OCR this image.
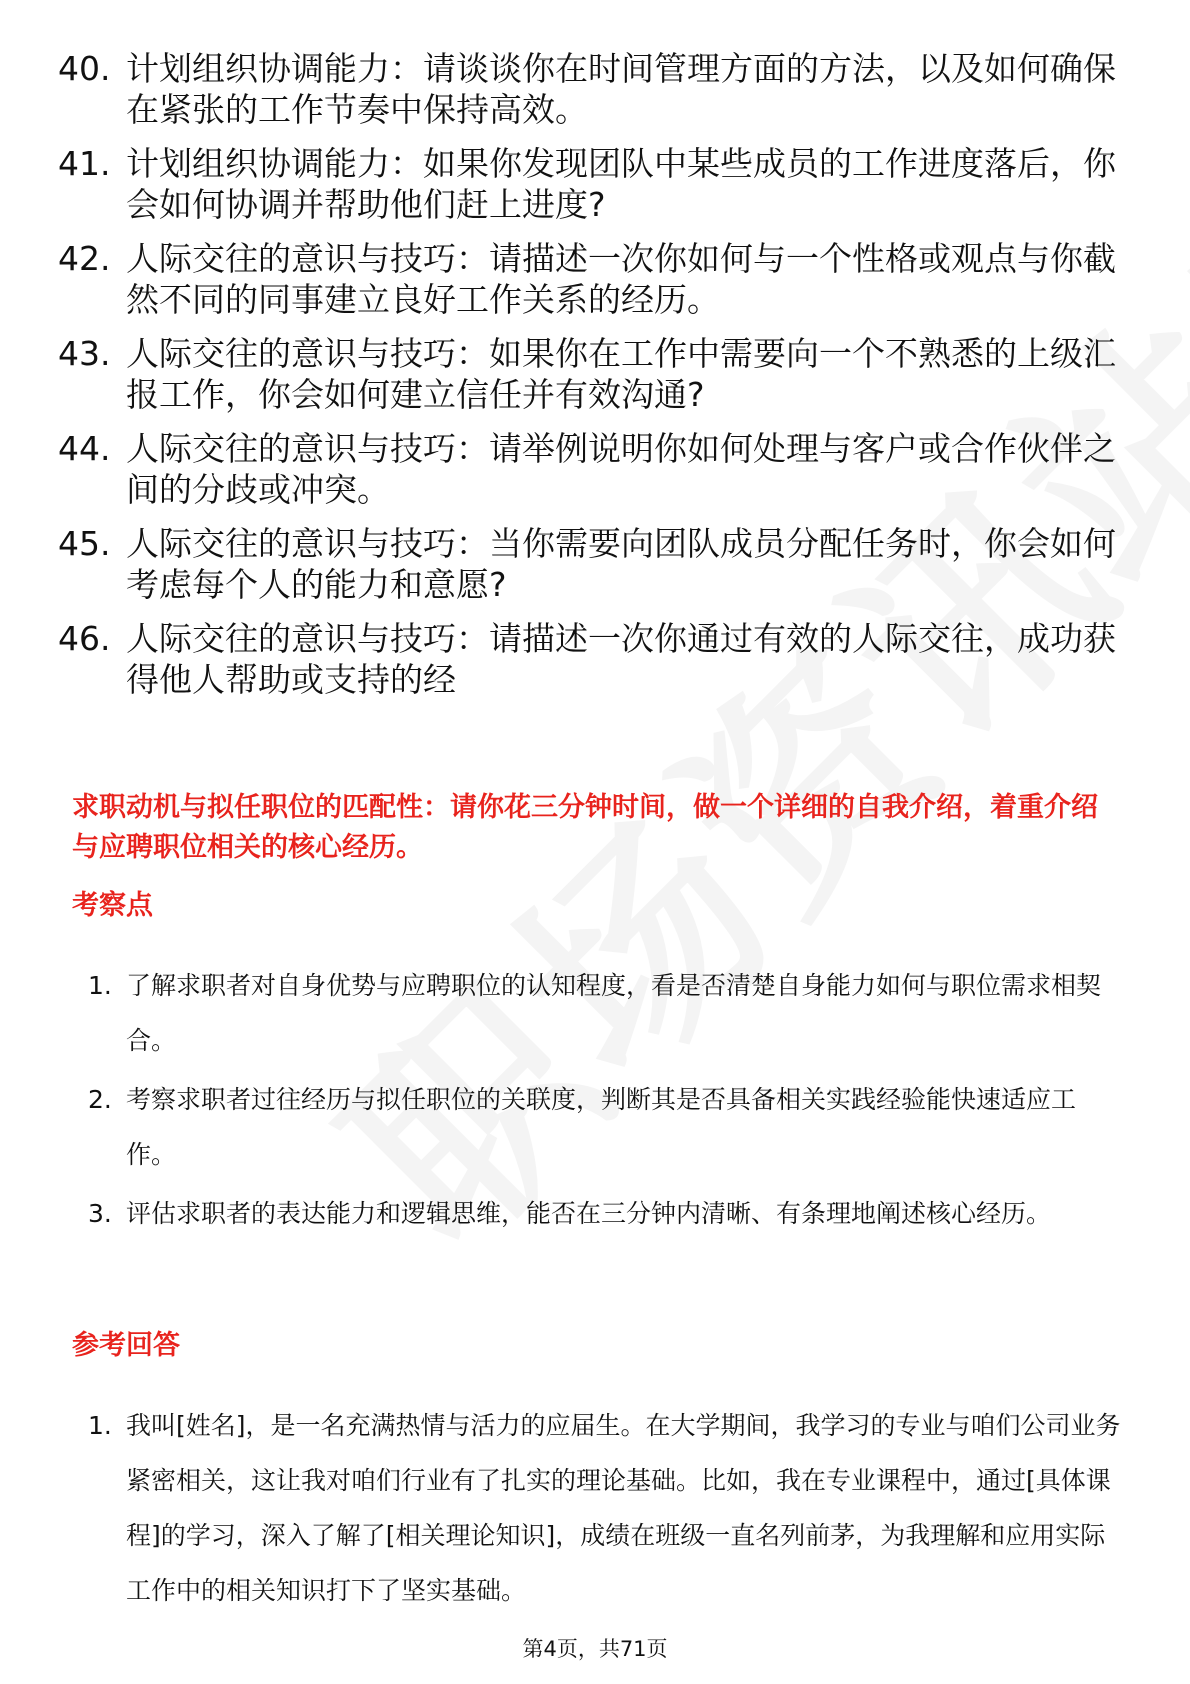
40. 计划组织协调能力：请谈谈你在时间管理方面的方法，以及如何确保在紧张的工作节奏中保持高效。
41. 计划组织协调能力：如果你发现团队中某些成员的工作进度落后，你会如何协调并帮助他们赶上进度?
42. 人际交往的意识与技巧：请描述一次你如何与一个性格或观点与你截然不同的同事建立良好工作关系的经历。
43. 人际交往的意识与技巧：如果你在工作中需要向一个不熟悉的上级汇报工作，你会如何建立信任并有效沟通?
44. 人际交往的意识与技巧：请举例说明你如何处理与客户或合作伙伴之间的分歧或冲突。
45. 人际交往的意识与技巧：当你需要向团队成员分配任务时，你会如何考虑每个人的能力和意愿?
46. 人际交往的意识与技巧：请描述一次你通过有效的人际交往，成功获得他人帮助或支持的经
求职动机与拟任职位的匹配性：请你花三分钟时间，做一个详细的自我介绍，着重介绍与应聘职位相关的核心经历。
考察点
1. 了解求职者对自身优势与应聘职位的认知程度，看是否清楚自身能力如何与职位需求相契合。
2. 考察求职者过往经历与拟任职位的关联度，判断其是否具备相关实践经验能快速适应工作。
3. 评估求职者的表达能力和逻辑思维，能否在三分钟内清晰、有条理地阐述核心经历。
参考回答
1. 我叫[姓名]，是一名充满热情与活力的应届生。在大学期间，我学习的专业与咱们公司业务紧密相关，这让我对咱们行业有了扎实的理论基础。比如，我在专业课程中，通过[具体课程]的学习，深入了解了[相关理论知识]，成绩在班级一直名列前茅，为我理解和应用实际工作中的相关知识打下了坚实基础。
第4页，共71页
